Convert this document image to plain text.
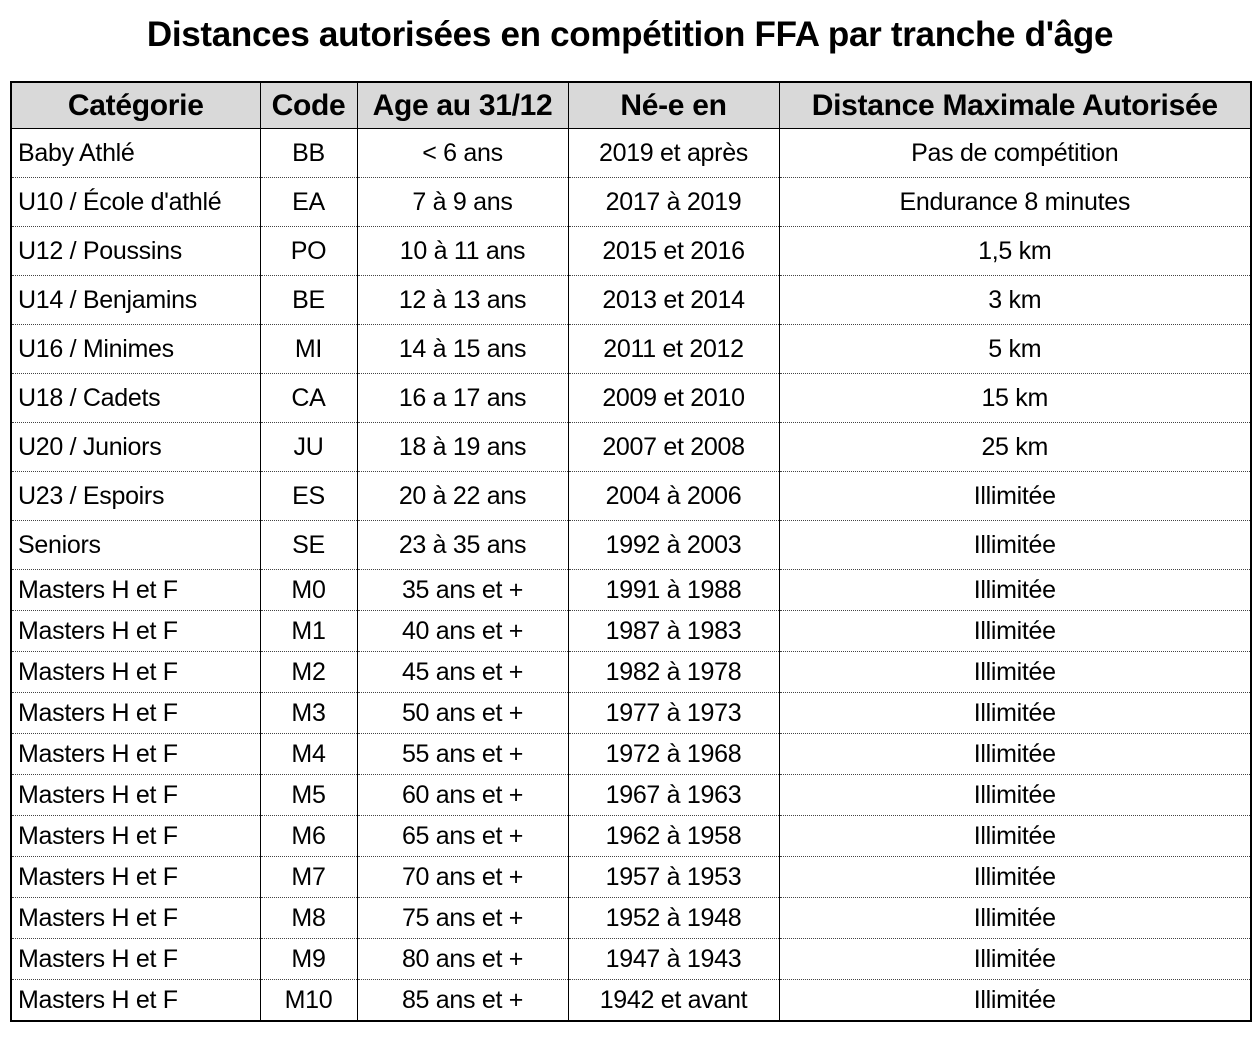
Distances autorisées en compétition FFA par tranche d'âge
Catégorie	Code	Age au 31/12	Né-e en	Distance Maximale Autorisée
Baby Athlé	BB	< 6 ans	2019 et après	Pas de compétition
U10 / École d'athlé	EA	7 à 9 ans	2017 à 2019	Endurance 8 minutes
U12 / Poussins	PO	10 à 11 ans	2015 et 2016	1,5 km
U14 / Benjamins	BE	12 à 13 ans	2013 et 2014	3 km
U16 / Minimes	MI	14 à 15 ans	2011 et 2012	5 km
U18 / Cadets	CA	16 a 17 ans	2009 et 2010	15 km
U20 / Juniors	JU	18 à 19 ans	2007 et 2008	25 km
U23 / Espoirs	ES	20 à 22 ans	2004 à 2006	Illimitée
Seniors	SE	23 à 35 ans	1992 à 2003	Illimitée
Masters H et F	M0	35 ans et +	1991 à 1988	Illimitée
Masters H et F	M1	40 ans et +	1987 à 1983	Illimitée
Masters H et F	M2	45 ans et +	1982 à 1978	Illimitée
Masters H et F	M3	50 ans et +	1977 à 1973	Illimitée
Masters H et F	M4	55 ans et +	1972 à 1968	Illimitée
Masters H et F	M5	60 ans et +	1967 à 1963	Illimitée
Masters H et F	M6	65 ans et +	1962 à 1958	Illimitée
Masters H et F	M7	70 ans et +	1957 à 1953	Illimitée
Masters H et F	M8	75 ans et +	1952 à 1948	Illimitée
Masters H et F	M9	80 ans et +	1947 à 1943	Illimitée
Masters H et F	M10	85 ans et +	1942 et avant	Illimitée
